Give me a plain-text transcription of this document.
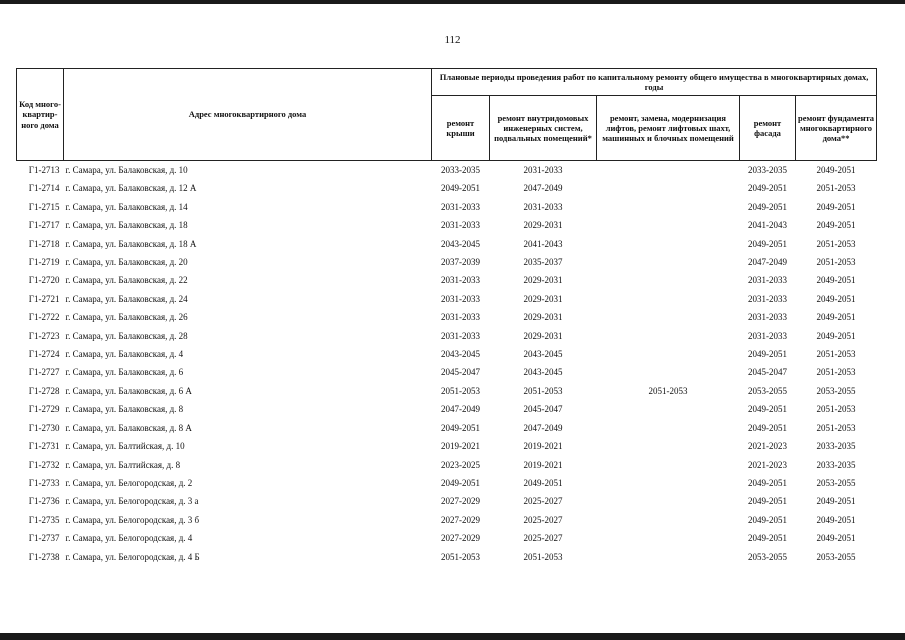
112
Код много-квартир-ного дома	Адрес многоквартирного дома	Плановые периоды проведения работ по капитальному ремонту общего имущества в многоквартирных домах, годы				
		ремонт крыши	ремонт внутридомовых инженерных систем, подвальных помещений*	ремонт, замена, модернизация лифтов, ремонт лифтовых шахт, машинных и блочных помещений	ремонт фасада	ремонт фундамента многоквартирного дома**
Г1-2713	г. Самара, ул. Балаковская, д. 10	2033-2035	2031-2033		2033-2035	2049-2051
Г1-2714	г. Самара, ул. Балаковская, д. 12 А	2049-2051	2047-2049		2049-2051	2051-2053
Г1-2715	г. Самара, ул. Балаковская, д. 14	2031-2033	2031-2033		2049-2051	2049-2051
Г1-2717	г. Самара, ул. Балаковская, д. 18	2031-2033	2029-2031		2041-2043	2049-2051
Г1-2718	г. Самара, ул. Балаковская, д. 18 А	2043-2045	2041-2043		2049-2051	2051-2053
Г1-2719	г. Самара, ул. Балаковская, д. 20	2037-2039	2035-2037		2047-2049	2051-2053
Г1-2720	г. Самара, ул. Балаковская, д. 22	2031-2033	2029-2031		2031-2033	2049-2051
Г1-2721	г. Самара, ул. Балаковская, д. 24	2031-2033	2029-2031		2031-2033	2049-2051
Г1-2722	г. Самара, ул. Балаковская, д. 26	2031-2033	2029-2031		2031-2033	2049-2051
Г1-2723	г. Самара, ул. Балаковская, д. 28	2031-2033	2029-2031		2031-2033	2049-2051
Г1-2724	г. Самара, ул. Балаковская, д. 4	2043-2045	2043-2045		2049-2051	2051-2053
Г1-2727	г. Самара, ул. Балаковская, д. 6	2045-2047	2043-2045		2045-2047	2051-2053
Г1-2728	г. Самара, ул. Балаковская, д. 6 А	2051-2053	2051-2053	2051-2053	2053-2055	2053-2055
Г1-2729	г. Самара, ул. Балаковская, д. 8	2047-2049	2045-2047		2049-2051	2051-2053
Г1-2730	г. Самара, ул. Балаковская, д. 8 А	2049-2051	2047-2049		2049-2051	2051-2053
Г1-2731	г. Самара, ул. Балтийская, д. 10	2019-2021	2019-2021		2021-2023	2033-2035
Г1-2732	г. Самара, ул. Балтийская, д. 8	2023-2025	2019-2021		2021-2023	2033-2035
Г1-2733	г. Самара, ул. Белогородская, д. 2	2049-2051	2049-2051		2049-2051	2053-2055
Г1-2736	г. Самара, ул. Белогородская, д. 3 а	2027-2029	2025-2027		2049-2051	2049-2051
Г1-2735	г. Самара, ул. Белогородская, д. 3 б	2027-2029	2025-2027		2049-2051	2049-2051
Г1-2737	г. Самара, ул. Белогородская, д. 4	2027-2029	2025-2027		2049-2051	2049-2051
Г1-2738	г. Самара, ул. Белогородская, д. 4 Б	2051-2053	2051-2053		2053-2055	2053-2055
